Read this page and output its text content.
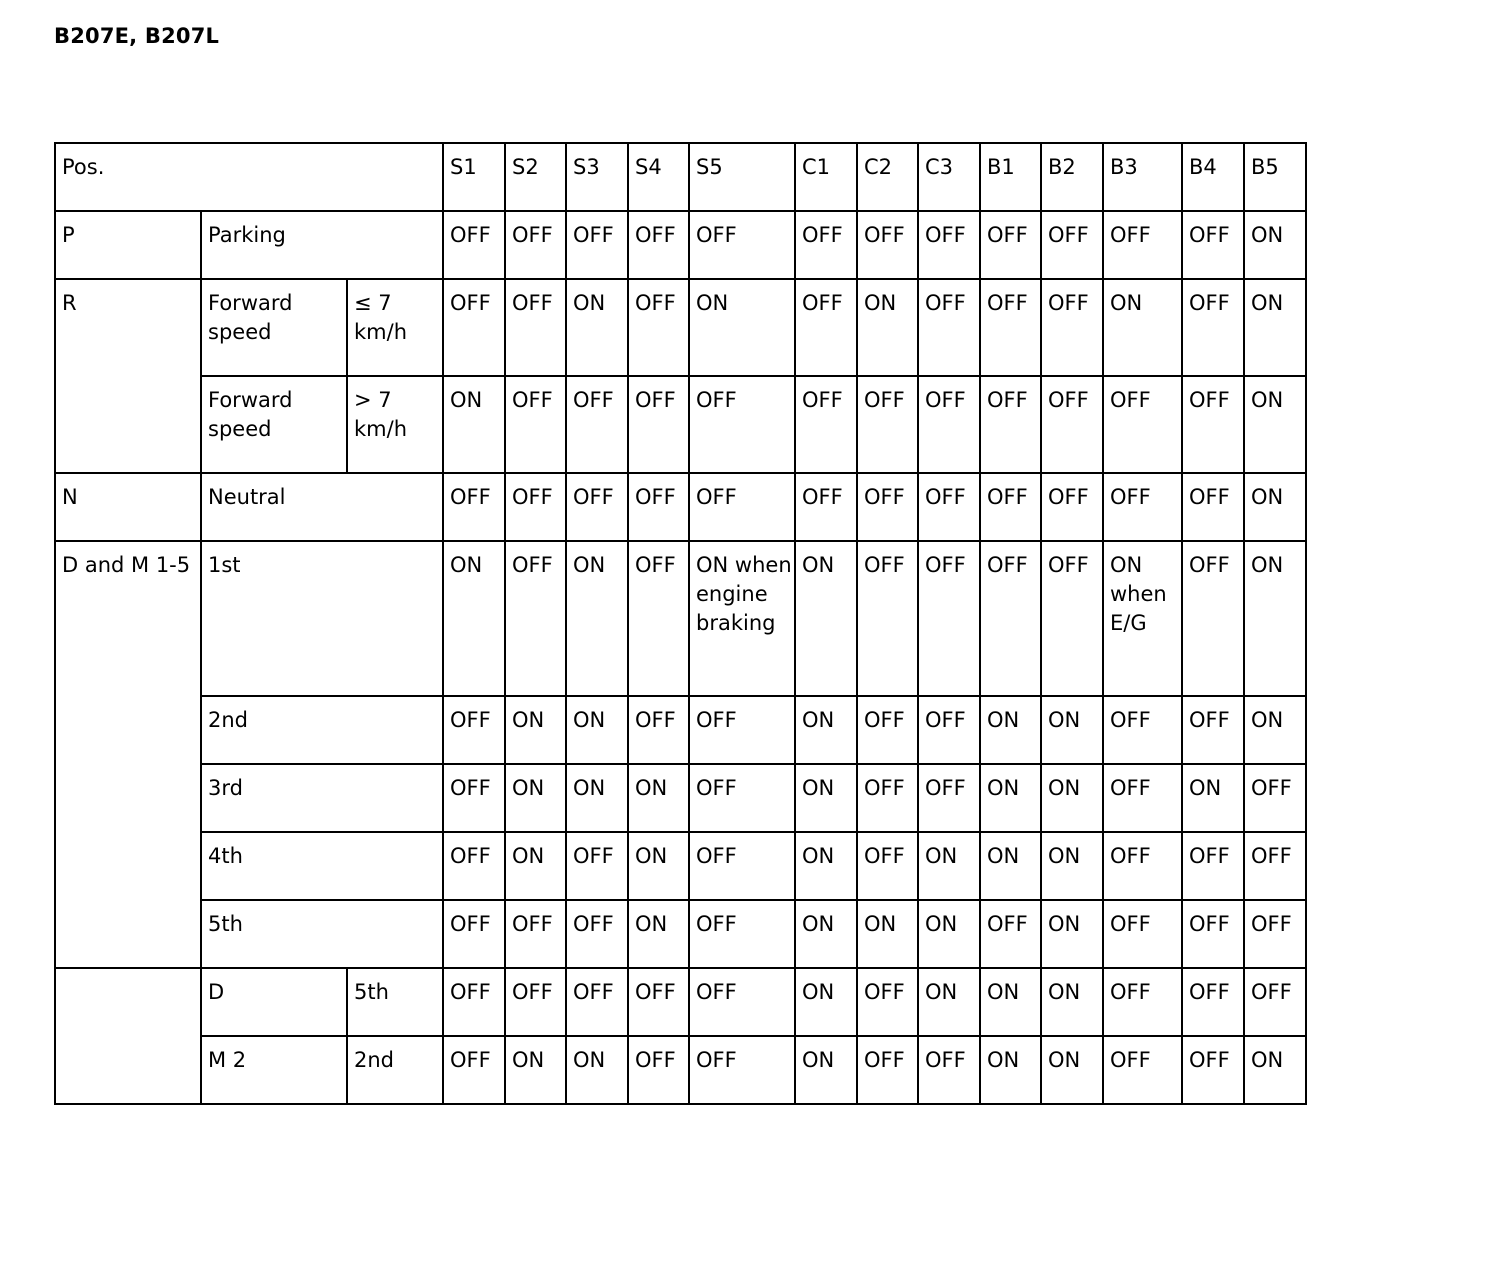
B207E, B207L
Pos.			S1	S2	S3	S4	S5	C1	C2	C3	B1	B2	B3	B4	B5
P	Parking		OFF	OFF	OFF	OFF	OFF	OFF	OFF	OFF	OFF	OFF	OFF	OFF	ON
R	Forward speed	≤ 7 km/h	OFF	OFF	ON	OFF	ON	OFF	ON	OFF	OFF	OFF	ON	OFF	ON
	Forward speed	> 7 km/h	ON	OFF	OFF	OFF	OFF	OFF	OFF	OFF	OFF	OFF	OFF	OFF	ON
N	Neutral		OFF	OFF	OFF	OFF	OFF	OFF	OFF	OFF	OFF	OFF	OFF	OFF	ON
D and M 1-5	1st		ON	OFF	ON	OFF	ON when engine braking	ON	OFF	OFF	OFF	OFF	ON when E/G	OFF	ON
	2nd		OFF	ON	ON	OFF	OFF	ON	OFF	OFF	ON	ON	OFF	OFF	ON
	3rd		OFF	ON	ON	ON	OFF	ON	OFF	OFF	ON	ON	OFF	ON	OFF
	4th		OFF	ON	OFF	ON	OFF	ON	OFF	ON	ON	ON	OFF	OFF	OFF
	5th		OFF	OFF	OFF	ON	OFF	ON	ON	ON	OFF	ON	OFF	OFF	OFF
	D	5th	OFF	OFF	OFF	OFF	OFF	ON	OFF	ON	ON	ON	OFF	OFF	OFF
	M 2	2nd	OFF	ON	ON	OFF	OFF	ON	OFF	OFF	ON	ON	OFF	OFF	ON
